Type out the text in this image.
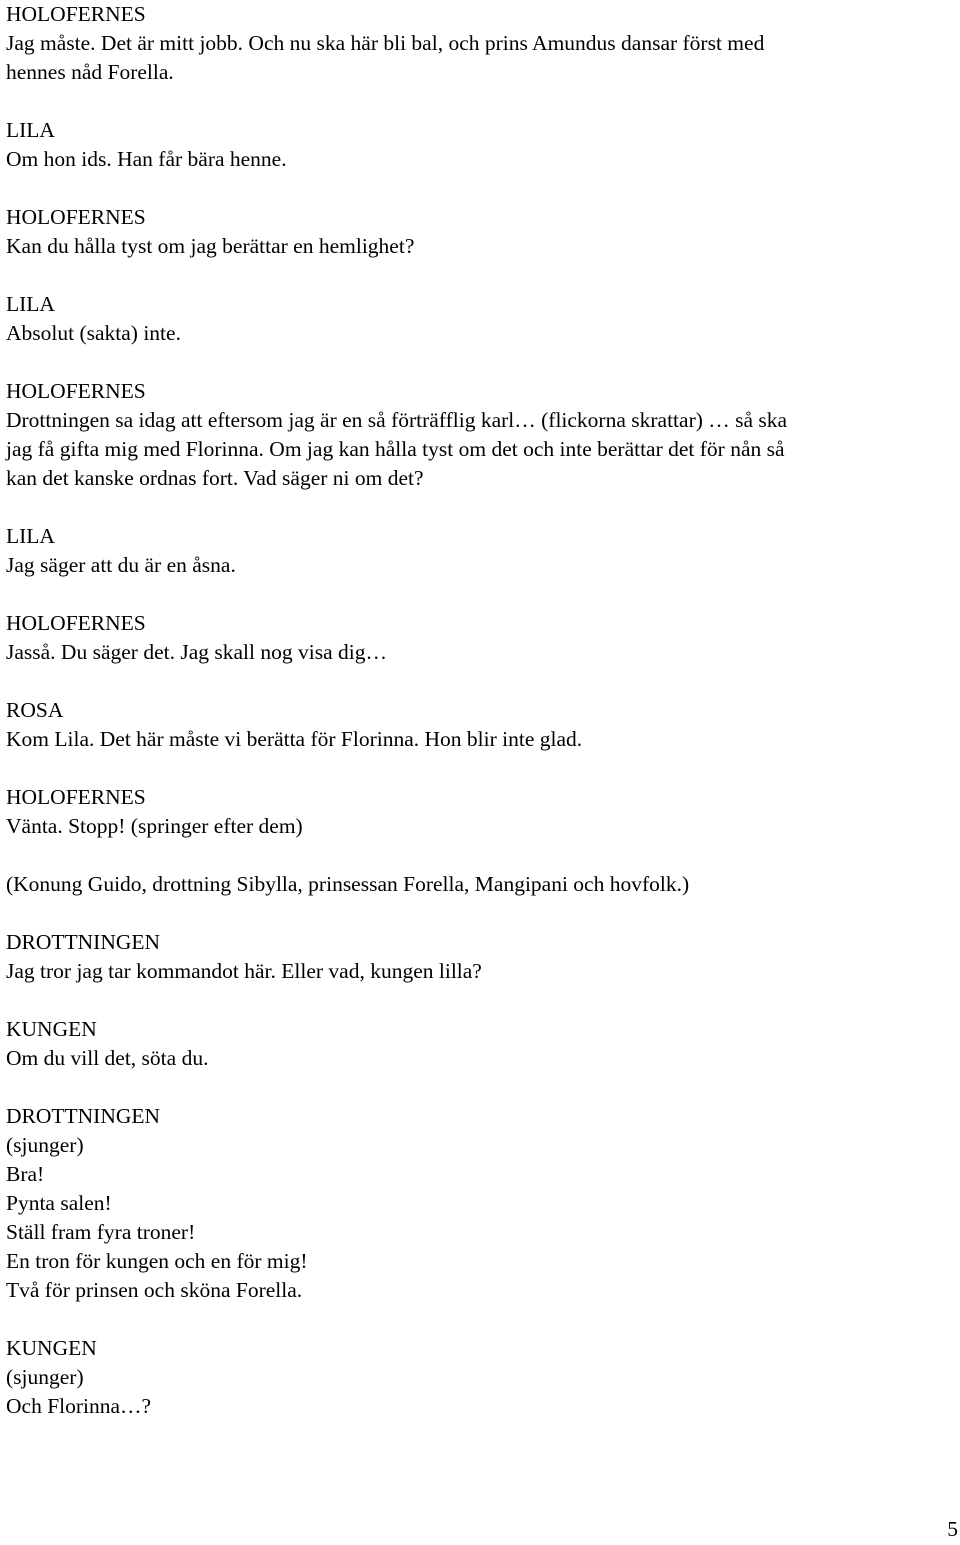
HOLOFERNES
Jag måste. Det är mitt jobb. Och nu ska här bli bal, och prins Amundus dansar först med
hennes nåd Forella.
LILA
Om hon ids. Han får bära henne.
HOLOFERNES
Kan du hålla tyst om jag berättar en hemlighet?
LILA
Absolut (sakta) inte.
HOLOFERNES
Drottningen sa idag att eftersom jag är en så förträfflig karl… (flickorna skrattar) … så ska
jag få gifta mig med Florinna. Om jag kan hålla tyst om det och inte berättar det för nån så
kan det kanske ordnas fort. Vad säger ni om det?
LILA
Jag säger att du är en åsna.
HOLOFERNES
Jasså. Du säger det. Jag skall nog visa dig…
ROSA
Kom Lila. Det här måste vi berätta för Florinna. Hon blir inte glad.
HOLOFERNES
Vänta. Stopp! (springer efter dem)
(Konung Guido, drottning Sibylla, prinsessan Forella, Mangipani och hovfolk.)
DROTTNINGEN
Jag tror jag tar kommandot här. Eller vad, kungen lilla?
KUNGEN
Om du vill det, söta du.
DROTTNINGEN
(sjunger)
Bra!
Pynta salen!
Ställ fram fyra troner!
En tron för kungen och en för mig!
Två för prinsen och sköna Forella.
KUNGEN
(sjunger)
Och Florinna…?
5
